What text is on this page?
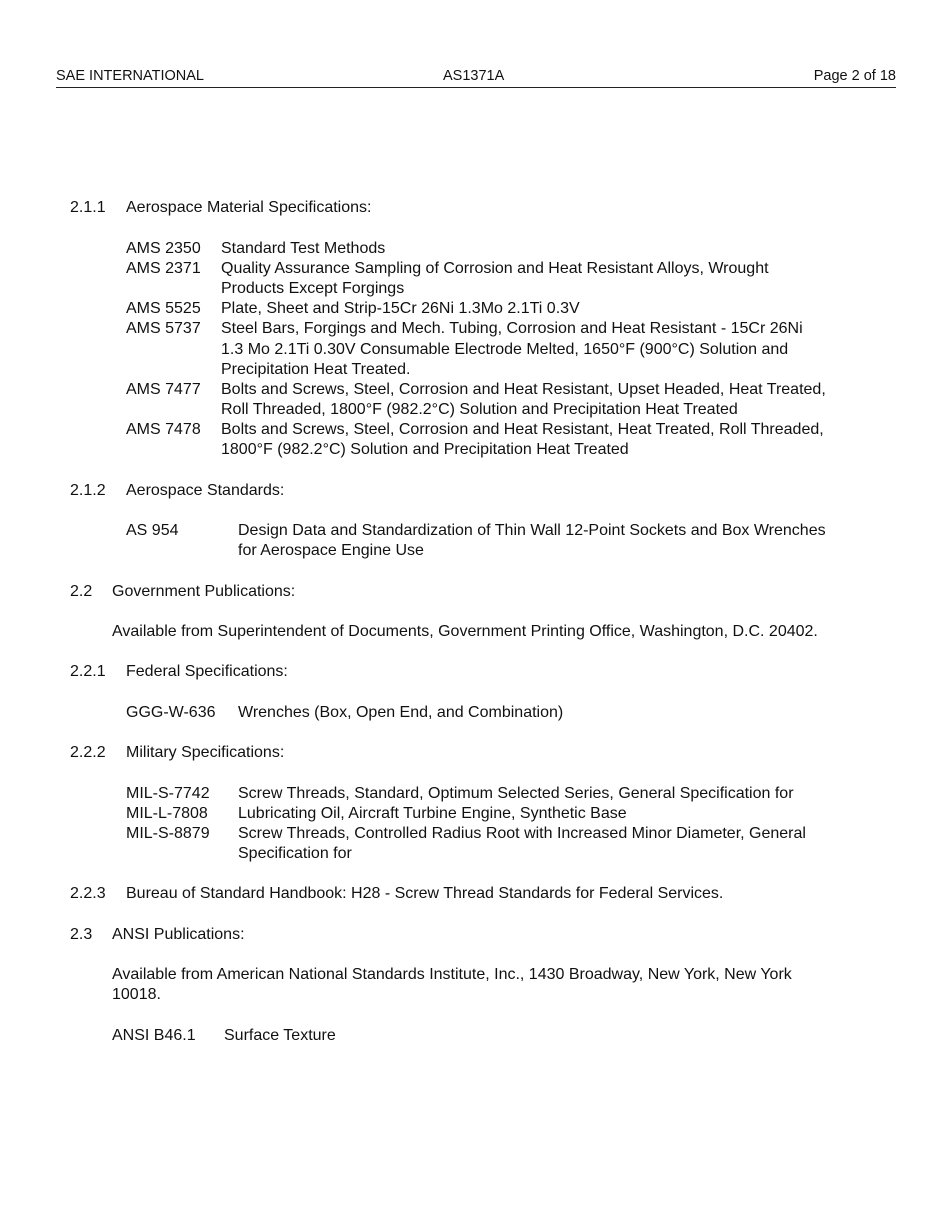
SAE INTERNATIONAL	AS1371A	Page 2 of 18
2.1.1 Aerospace Material Specifications:
AMS 2350 Standard Test Methods
AMS 2371 Quality Assurance Sampling of Corrosion and Heat Resistant Alloys, Wrought
Products Except Forgings
AMS 5525 Plate, Sheet and Strip-15Cr 26Ni 1.3Mo 2.1Ti 0.3V
AMS 5737 Steel Bars, Forgings and Mech. Tubing, Corrosion and Heat Resistant - 15Cr 26Ni
1.3 Mo 2.1Ti 0.30V Consumable Electrode Melted, 1650°F (900°C) Solution and
Precipitation Heat Treated.
AMS 7477 Bolts and Screws, Steel, Corrosion and Heat Resistant, Upset Headed, Heat Treated,
Roll Threaded, 1800°F (982.2°C) Solution and Precipitation Heat Treated
AMS 7478 Bolts and Screws, Steel, Corrosion and Heat Resistant, Heat Treated, Roll Threaded,
1800°F (982.2°C) Solution and Precipitation Heat Treated
2.1.2 Aerospace Standards:
AS 954	Design Data and Standardization of Thin Wall 12-Point Sockets and Box Wrenches
for Aerospace Engine Use
2.2 Government Publications:
Available from Superintendent of Documents, Government Printing Office, Washington, D.C. 20402.
2.2.1 Federal Specifications:
GGG-W-636 Wrenches (Box, Open End, and Combination)
2.2.2 Military Specifications:
MIL-S-7742 Screw Threads, Standard, Optimum Selected Series, General Specification for
MIL-L-7808 Lubricating Oil, Aircraft Turbine Engine, Synthetic Base
MIL-S-8879 Screw Threads, Controlled Radius Root with Increased Minor Diameter, General
Specification for
2.2.3 Bureau of Standard Handbook: H28 - Screw Thread Standards for Federal Services.
2.3 ANSI Publications:
Available from American National Standards Institute, Inc., 1430 Broadway, New York, New York
10018.
ANSI B46.1 Surface Texture
